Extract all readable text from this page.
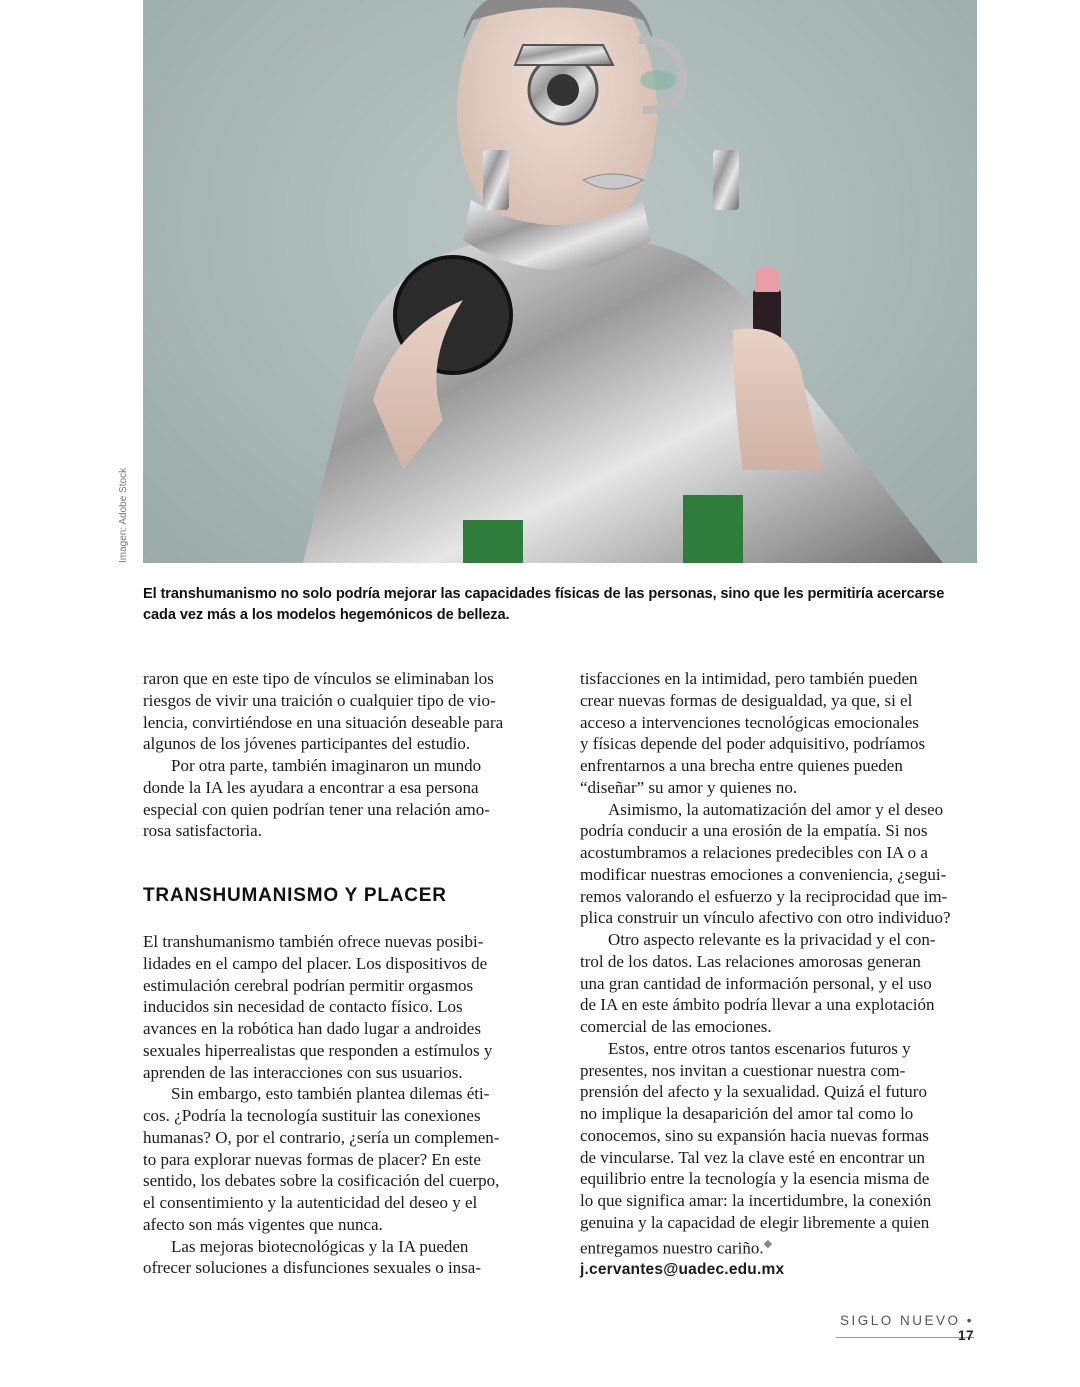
Imagen: Adobe Stock
El transhumanismo no solo podría mejorar las capacidades físicas de las personas, sino que les permitiría acercarse
cada vez más a los modelos hegemónicos de belleza.

raron que en este tipo de vínculos se eliminaban los
riesgos de vivir una traición o cualquier tipo de vio-
lencia, convirtiéndose en una situación deseable para
algunos de los jóvenes participantes del estudio.

Por otra parte, también imaginaron un mundo
donde la IA les ayudara a encontrar a esa persona
especial con quien podrían tener una relación amo-
rosa satisfactoria.

TRANSHUMANISMO Y PLACER

El transhumanismo también ofrece nuevas posibi-
lidades en el campo del placer. Los dispositivos de
estimulación cerebral podrían permitir orgasmos
inducidos sin necesidad de contacto físico. Los
avances en la robótica han dado lugar a androides
sexuales hiperrealistas que responden a estímulos y
aprenden de las interacciones con sus usuarios.

Sin embargo, esto también plantea dilemas éti-
cos. ¿Podría la tecnología sustituir las conexiones
humanas? O, por el contrario, ¿sería un complemen-
to para explorar nuevas formas de placer? En este
sentido, los debates sobre la cosificación del cuerpo,
el consentimiento y la autenticidad del deseo y el
afecto son más vigentes que nunca.

Las mejoras biotecnológicas y la IA pueden
ofrecer soluciones a disfunciones sexuales o insa-

tisfacciones en la intimidad, pero también pueden
crear nuevas formas de desigualdad, ya que, si el
acceso a intervenciones tecnológicas emocionales
y físicas depende del poder adquisitivo, podríamos
enfrentarnos a una brecha entre quienes pueden
“diseñar” su amor y quienes no.

Asimismo, la automatización del amor y el deseo
podría conducir a una erosión de la empatía. Si nos
acostumbramos a relaciones predecibles con IA o a
modificar nuestras emociones a conveniencia, ¿segui-
remos valorando el esfuerzo y la reciprocidad que im-
plica construir un vínculo afectivo con otro individuo?

Otro aspecto relevante es la privacidad y el con-
trol de los datos. Las relaciones amorosas generan
una gran cantidad de información personal, y el uso
de IA en este ámbito podría llevar a una explotación
comercial de las emociones.

Estos, entre otros tantos escenarios futuros y
presentes, nos invitan a cuestionar nuestra com-
prensión del afecto y la sexualidad. Quizá el futuro
no implique la desaparición del amor tal como lo
conocemos, sino su expansión hacia nuevas formas
de vincularse. Tal vez la clave esté en encontrar un
equilibrio entre la tecnología y la esencia misma de
lo que significa amar: la incertidumbre, la conexión
genuina y la capacidad de elegir libremente a quien
entregamos nuestro cariño.◆

j.cervantes@uadec.edu.mx

SIGLO NUEVO • 17
